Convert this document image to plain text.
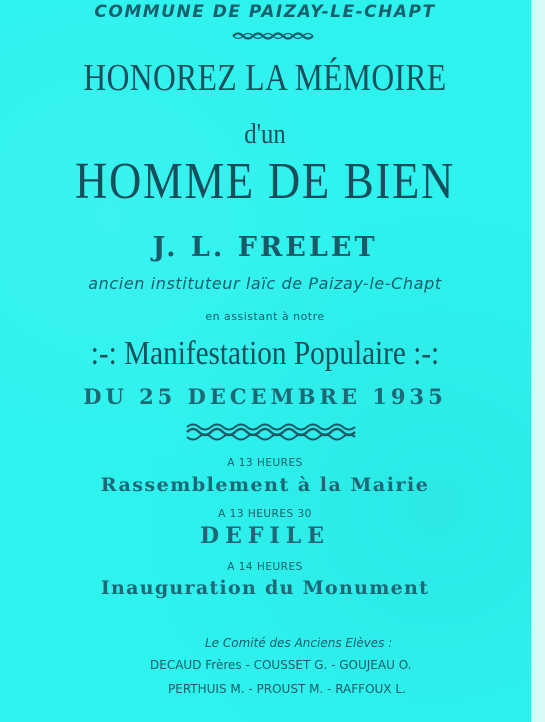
COMMUNE DE PAIZAY-LE-CHAPT
HONOREZ LA MÉMOIRE
d'un
HOMME DE BIEN
J. L. FRELET
ancien instituteur laïc de Paizay-le-Chapt
en assistant à notre
:-: Manifestation Populaire :-:
DU 25 DECEMBRE 1935
A 13 HEURES
Rassemblement à la Mairie
A 13 HEURES 30
DEFILE
A 14 HEURES
Inauguration du Monument
Le Comité des Anciens Elèves :
DECAUD Frères - COUSSET G. - GOUJEAU O.
PERTHUIS M. - PROUST M. - RAFFOUX L.
